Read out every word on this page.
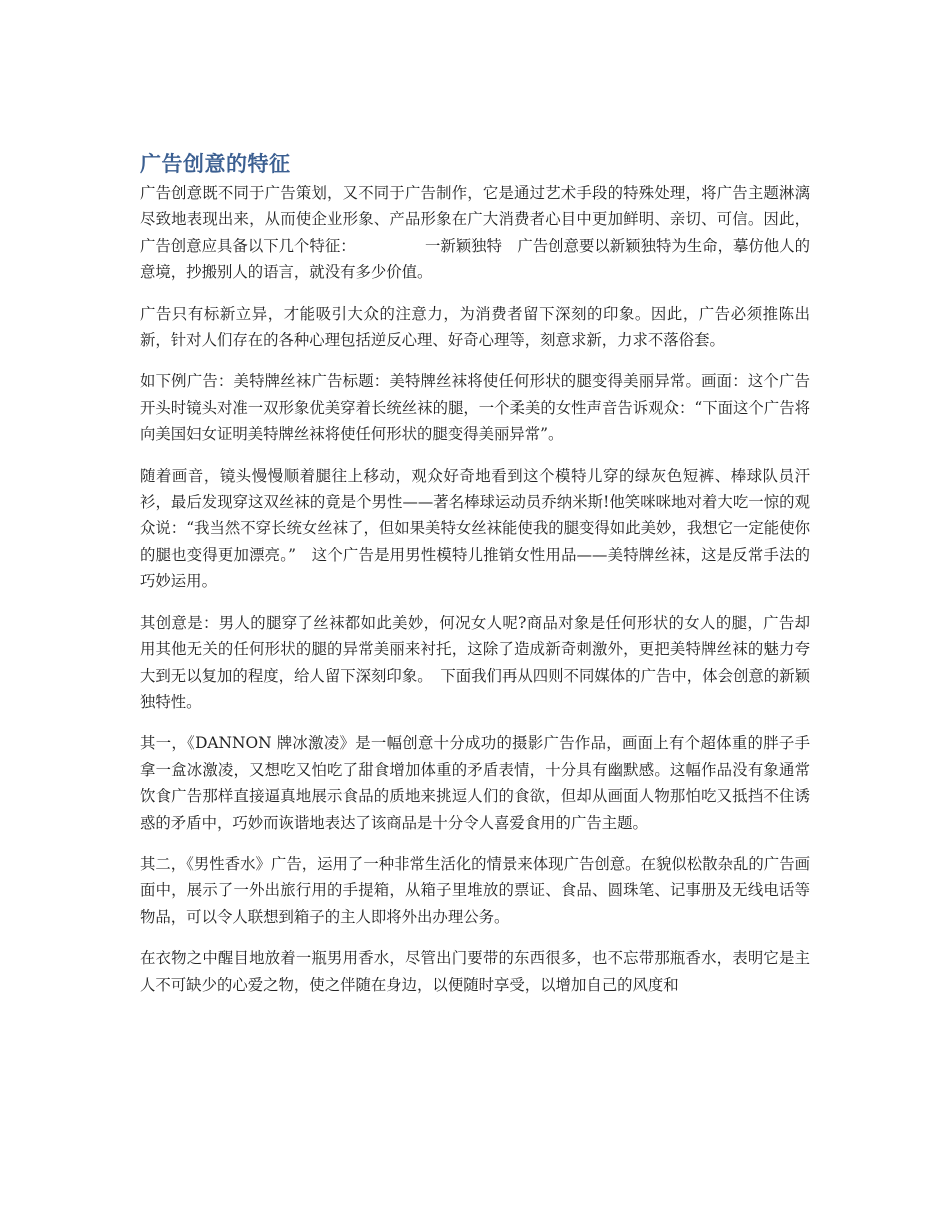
广告创意的特征

广告创意既不同于广告策划，又不同于广告制作，它是通过艺术手段的特殊处理，将广告主题淋漓尽致地表现出来，从而使企业形象、产品形象在广大消费者心目中更加鲜明、亲切、可信。因此，广告创意应具备以下几个特征：　　　　　一新颖独特　广告创意要以新颖独特为生命，摹仿他人的意境，抄搬别人的语言，就没有多少价值。

广告只有标新立异，才能吸引大众的注意力，为消费者留下深刻的印象。因此，广告必须推陈出新，针对人们存在的各种心理包括逆反心理、好奇心理等，刻意求新，力求不落俗套。

如下例广告：美特牌丝袜广告标题：美特牌丝袜将使任何形状的腿变得美丽异常。画面：这个广告开头时镜头对准一双形象优美穿着长统丝袜的腿，一个柔美的女性声音告诉观众：“下面这个广告将向美国妇女证明美特牌丝袜将使任何形状的腿变得美丽异常”。

随着画音，镜头慢慢顺着腿往上移动，观众好奇地看到这个模特儿穿的绿灰色短裤、棒球队员汗衫，最后发现穿这双丝袜的竟是个男性——著名棒球运动员乔纳米斯!他笑咪咪地对着大吃一惊的观众说：“我当然不穿长统女丝袜了，但如果美特女丝袜能使我的腿变得如此美妙，我想它一定能使你的腿也变得更加漂亮。”　这个广告是用男性模特儿推销女性用品——美特牌丝袜，这是反常手法的巧妙运用。

其创意是：男人的腿穿了丝袜都如此美妙，何况女人呢?商品对象是任何形状的女人的腿，广告却用其他无关的任何形状的腿的异常美丽来衬托，这除了造成新奇刺激外，更把美特牌丝袜的魅力夸大到无以复加的程度，给人留下深刻印象。　下面我们再从四则不同媒体的广告中，体会创意的新颖独特性。

其一，《DANNON 牌冰激凌》是一幅创意十分成功的摄影广告作品，画面上有个超体重的胖子手拿一盒冰激凌，又想吃又怕吃了甜食增加体重的矛盾表情，十分具有幽默感。这幅作品没有象通常饮食广告那样直接逼真地展示食品的质地来挑逗人们的食欲，但却从画面人物那怕吃又抵挡不住诱惑的矛盾中，巧妙而诙谐地表达了该商品是十分令人喜爱食用的广告主题。

其二，《男性香水》广告，运用了一种非常生活化的情景来体现广告创意。在貌似松散杂乱的广告画面中，展示了一外出旅行用的手提箱，从箱子里堆放的票证、食品、圆珠笔、记事册及无线电话等物品，可以令人联想到箱子的主人即将外出办理公务。

在衣物之中醒目地放着一瓶男用香水，尽管出门要带的东西很多，也不忘带那瓶香水，表明它是主人不可缺少的心爱之物，使之伴随在身边，以便随时享受，以增加自己的风度和
